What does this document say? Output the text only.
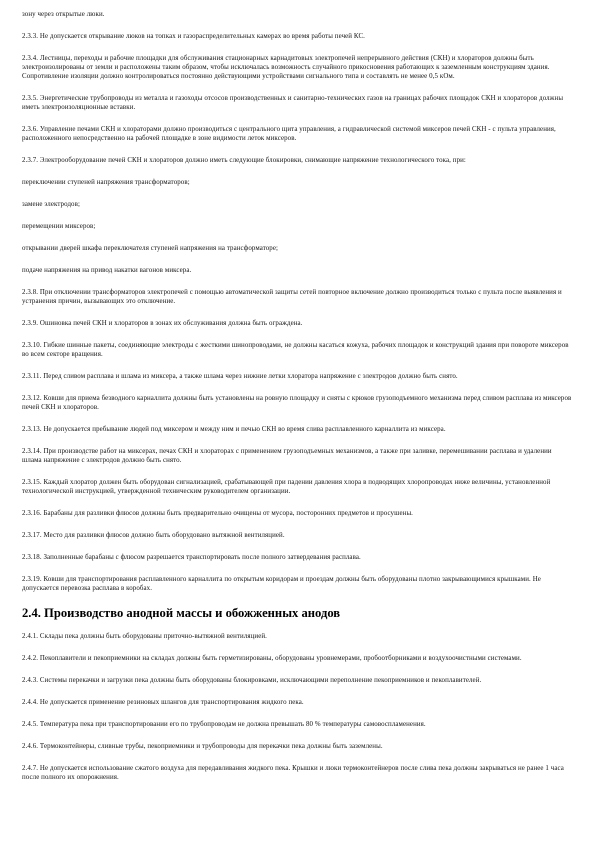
зону через открытые люки.

2.3.3. Не допускается открывание люков на топках и газораспределительных камерах во время работы печей КС.

2.3.4. Лестницы, переходы и рабочие площадки для обслуживания стационарных карнадитовых электропечей непрерывного действия (СКН) и хлораторов должны быть электроизолированы от земли и расположены таким образом, чтобы исключалась возможность случайного прикосновения работающих к заземленным конструкциям здания. Сопротивление изоляции должно контролироваться постоянно действующими устройствами сигнального типа и составлять не менее 0,5 кОм.

2.3.5. Энергетические трубопроводы из металла и газоходы отсосов производственных и санитарно-технических газов на границах рабочих площадок СКН и хлораторов должны иметь электроизоляционные вставки.

2.3.6. Управление печами СКН и хлораторами должно производиться с центрального щита управления, а гидравлической системой миксеров печей СКН - с пульта управления, расположенного непосредственно на рабочей площадке в зоне видимости леток миксеров.

2.3.7. Электрооборудование печей СКН и хлораторов должно иметь следующие блокировки, снимающие напряжение технологического тока, при:

переключении ступеней напряжения трансформаторов;

замене электродов;

перемещении миксеров;

открывании дверей шкафа переключателя ступеней напряжения на трансформаторе;

подаче напряжения на привод накатки вагонов миксера.

2.3.8. При отключении трансформаторов электропечей с помощью автоматической защиты сетей повторное включение должно производиться только с пульта после выявления и устранения причин, вызывающих это отключение.

2.3.9. Ошиновка печей СКН и хлораторов в зонах их обслуживания должна быть ограждена.

2.3.10. Гибкие шинные пакеты, соединяющие электроды с жесткими шинопроводами, не должны касаться кожуха, рабочих площадок и конструкций здания при повороте миксеров во всем секторе вращения.

2.3.11. Перед сливом расплава и шлама из миксера, а также шлама через нижние летки хлоратора напряжение с электродов должно быть снято.

2.3.12. Ковши для приема безводного карналлита должны быть установлены на ровную площадку и сняты с крюков грузоподъемного механизма перед сливом расплава из миксеров печей СКН и хлораторов.

2.3.13. Не допускается пребывание людей под миксером и между ним и печью СКН во время слива расплавленного карналлита из миксера.

2.3.14. При производстве работ на миксерах, печах СКН и хлораторах с применением грузоподъемных механизмов, а также при заливке, перемешивании расплава и удалении шлама напряжение с электродов должно быть снято.

2.3.15. Каждый хлоратор должен быть оборудован сигнализацией, срабатывающей при падении давления хлора в подводящих хлоропроводах ниже величины, установленной технологической инструкцией, утвержденной техническим руководителем организации.

2.3.16. Барабаны для разливки флюсов должны быть предварительно очищены от мусора, посторонних предметов и просушены.

2.3.17. Место для разливки флюсов должно быть оборудовано вытяжной вентиляцией.

2.3.18. Заполненные барабаны с флюсом разрешается транспортировать после полного затвердевания расплава.

2.3.19. Ковши для транспортирования расплавленного карналлита по открытым коридорам и проездам должны быть оборудованы плотно закрывающимися крышками. Не допускается перевозка расплава в коробах.

2.4. Производство анодной массы и обожженных анодов

2.4.1. Склады пека должны быть оборудованы приточно-вытяжной вентиляцией.

2.4.2. Пекоплавители и пекоприемники на складах должны быть герметизированы, оборудованы уровнемерами, пробоотборниками и воздухоочистными системами.

2.4.3. Системы перекачки и загрузки пека должны быть оборудованы блокировками, исключающими переполнение пекоприемников и пекоплавителей.

2.4.4. Не допускается применение резиновых шлангов для транспортирования жидкого пека.

2.4.5. Температура пека при транспортировании его по трубопроводам не должна превышать 80 % температуры самовоспламенения.

2.4.6. Термоконтейнеры, сливные трубы, пекоприемники и трубопроводы для перекачки пека должны быть заземлены.

2.4.7. Не допускается использование сжатого воздуха для передавливания жидкого пека. Крышки и люки термоконтейнеров после слива пека должны закрываться не ранее 1 часа после полного их опорожнения.
